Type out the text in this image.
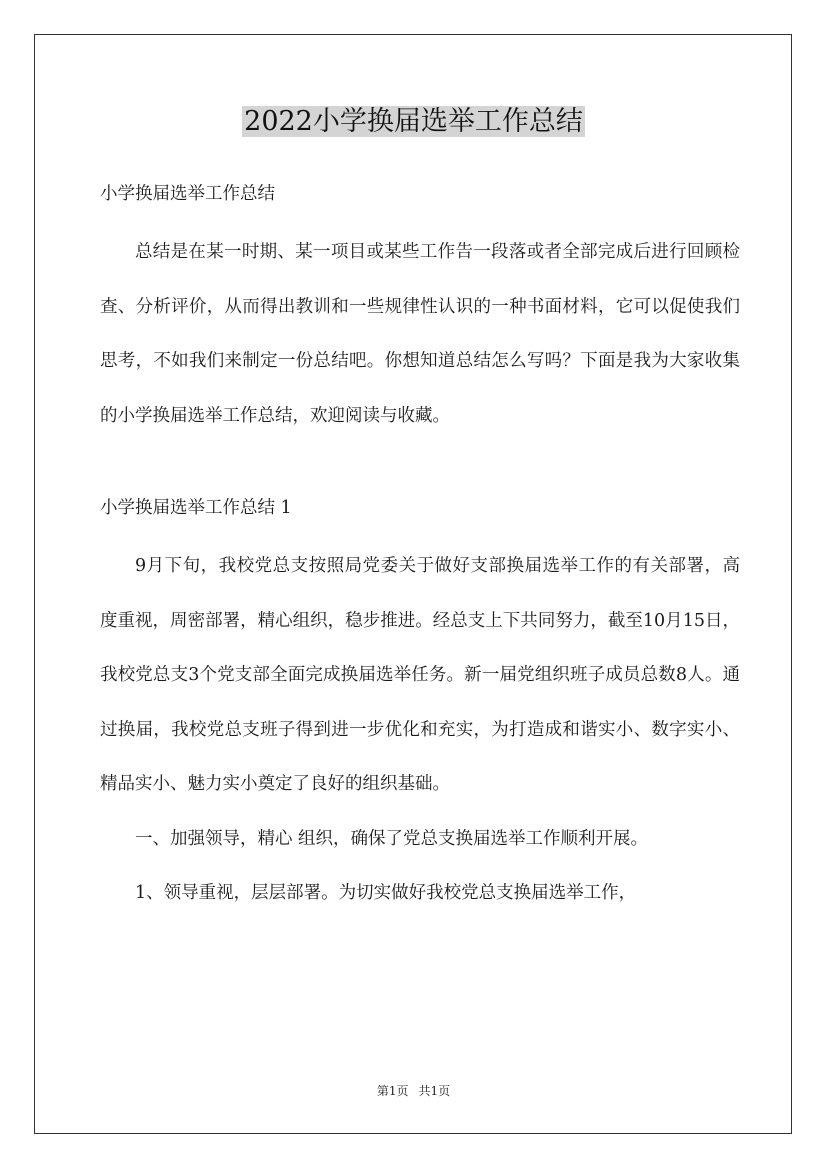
2022小学换届选举工作总结

小学换届选举工作总结

总结是在某一时期、某一项目或某些工作告一段落或者全部完成后进行回顾检查、分析评价，从而得出教训和一些规律性认识的一种书面材料，它可以促使我们思考，不如我们来制定一份总结吧。你想知道总结怎么写吗？下面是我为大家收集的小学换届选举工作总结，欢迎阅读与收藏。

小学换届选举工作总结 1

9月下旬，我校党总支按照局党委关于做好支部换届选举工作的有关部署，高度重视，周密部署，精心组织，稳步推进。经总支上下共同努力，截至10月15日，我校党总支3个党支部全面完成换届选举任务。新一届党组织班子成员总数8人。通过换届，我校党总支班子得到进一步优化和充实，为打造成和谐实小、数字实小、精品实小、魅力实小奠定了良好的组织基础。

一、加强领导，精心 组织，确保了党总支换届选举工作顺利开展。

1、领导重视，层层部署。为切实做好我校党总支换届选举工作，

第1页 共1页
